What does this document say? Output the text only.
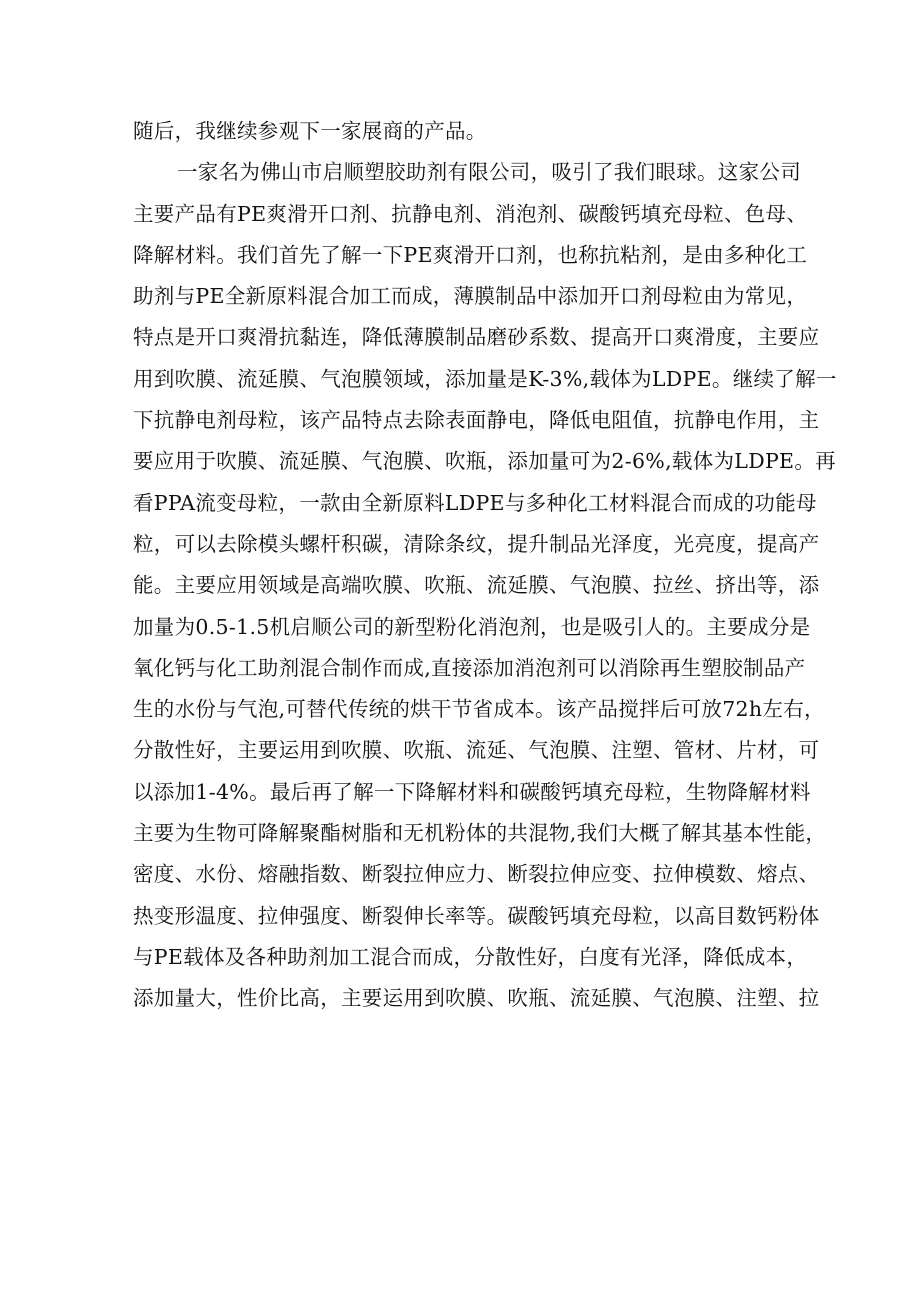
随后，我继续参观下一家展商的产品。
一家名为佛山市启顺塑胶助剂有限公司，吸引了我们眼球。这家公司
主要产品有PE爽滑开口剂、抗静电剂、消泡剂、碳酸钙填充母粒、色母、
降解材料。我们首先了解一下PE爽滑开口剂，也称抗粘剂，是由多种化工
助剂与PE全新原料混合加工而成，薄膜制品中添加开口剂母粒由为常见，
特点是开口爽滑抗黏连，降低薄膜制品磨砂系数、提高开口爽滑度，主要应
用到吹膜、流延膜、气泡膜领域，添加量是K-3%,载体为LDPE。继续了解一
下抗静电剂母粒，该产品特点去除表面静电，降低电阻值，抗静电作用，主
要应用于吹膜、流延膜、气泡膜、吹瓶，添加量可为2-6%,载体为LDPE。再
看PPA流变母粒，一款由全新原料LDPE与多种化工材料混合而成的功能母
粒，可以去除模头螺杆积碳，清除条纹，提升制品光泽度，光亮度，提高产
能。主要应用领域是高端吹膜、吹瓶、流延膜、气泡膜、拉丝、挤出等，添
加量为0.5-1.5机启顺公司的新型粉化消泡剂，也是吸引人的。主要成分是
氧化钙与化工助剂混合制作而成,直接添加消泡剂可以消除再生塑胶制品产
生的水份与气泡,可替代传统的烘干节省成本。该产品搅拌后可放72h左右，
分散性好，主要运用到吹膜、吹瓶、流延、气泡膜、注塑、管材、片材，可
以添加1-4%。最后再了解一下降解材料和碳酸钙填充母粒，生物降解材料
主要为生物可降解聚酯树脂和无机粉体的共混物,我们大概了解其基本性能，
密度、水份、熔融指数、断裂拉伸应力、断裂拉伸应变、拉伸模数、熔点、
热变形温度、拉伸强度、断裂伸长率等。碳酸钙填充母粒，以高目数钙粉体
与PE载体及各种助剂加工混合而成，分散性好，白度有光泽，降低成本，
添加量大，性价比高，主要运用到吹膜、吹瓶、流延膜、气泡膜、注塑、拉
